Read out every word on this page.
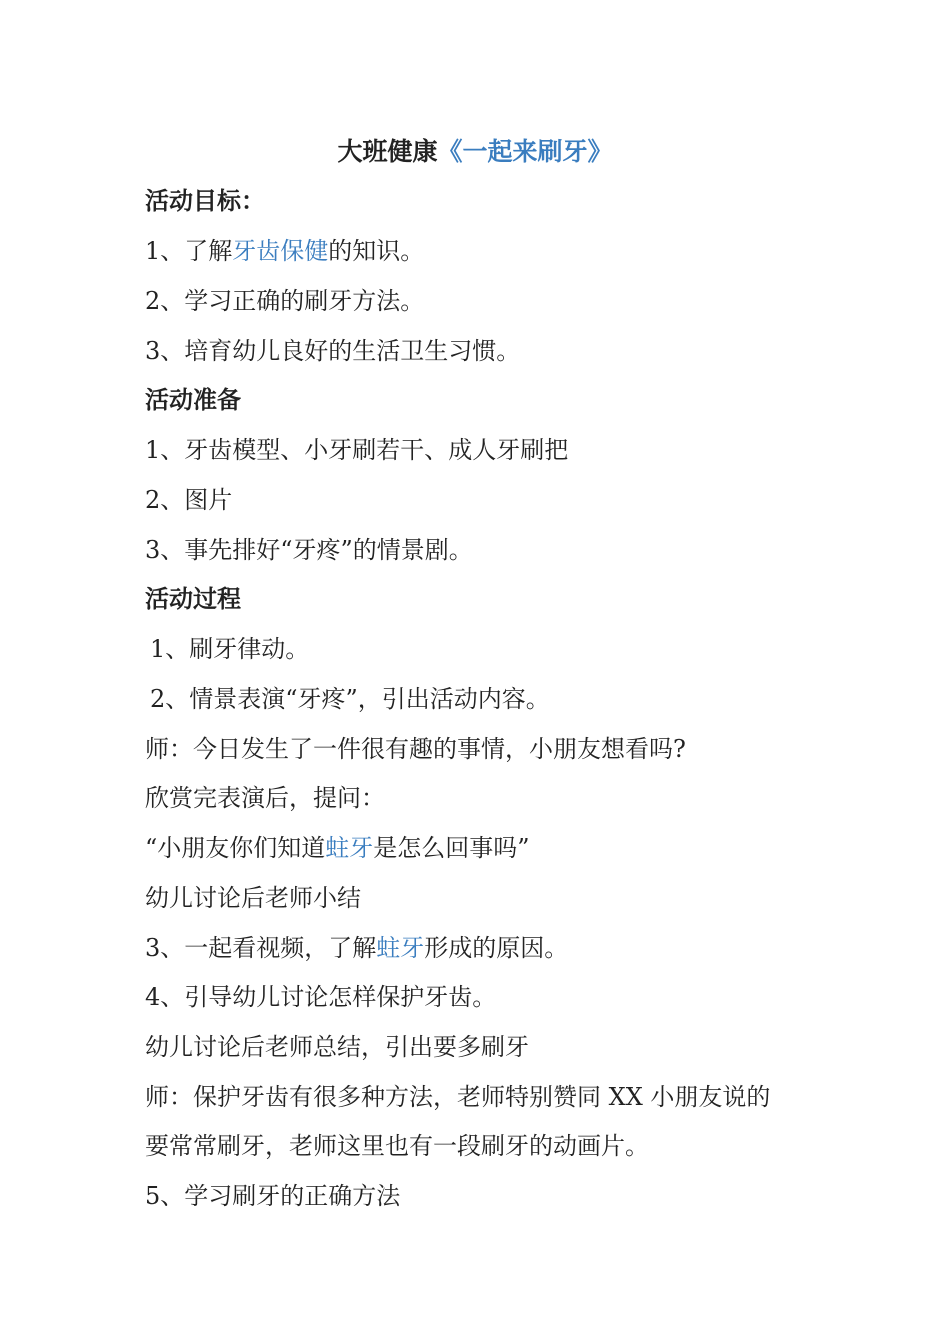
大班健康《一起来刷牙》
活动目标：
1、了解牙齿保健的知识。
2、学习正确的刷牙方法。
3、培育幼儿良好的生活卫生习惯。
活动准备
1、牙齿模型、小牙刷若干、成人牙刷把
2、图片
3、事先排好“牙疼”的情景剧。
活动过程
1、刷牙律动。
2、情景表演“牙疼”，引出活动内容。
师：今日发生了一件很有趣的事情，小朋友想看吗?
欣赏完表演后，提问：
“小朋友你们知道蛀牙是怎么回事吗”
幼儿讨论后老师小结
3、一起看视频，了解蛀牙形成的原因。
4、引导幼儿讨论怎样保护牙齿。
幼儿讨论后老师总结，引出要多刷牙
师：保护牙齿有很多种方法，老师特别赞同 XX 小朋友说的
要常常刷牙，老师这里也有一段刷牙的动画片。
5、学习刷牙的正确方法
